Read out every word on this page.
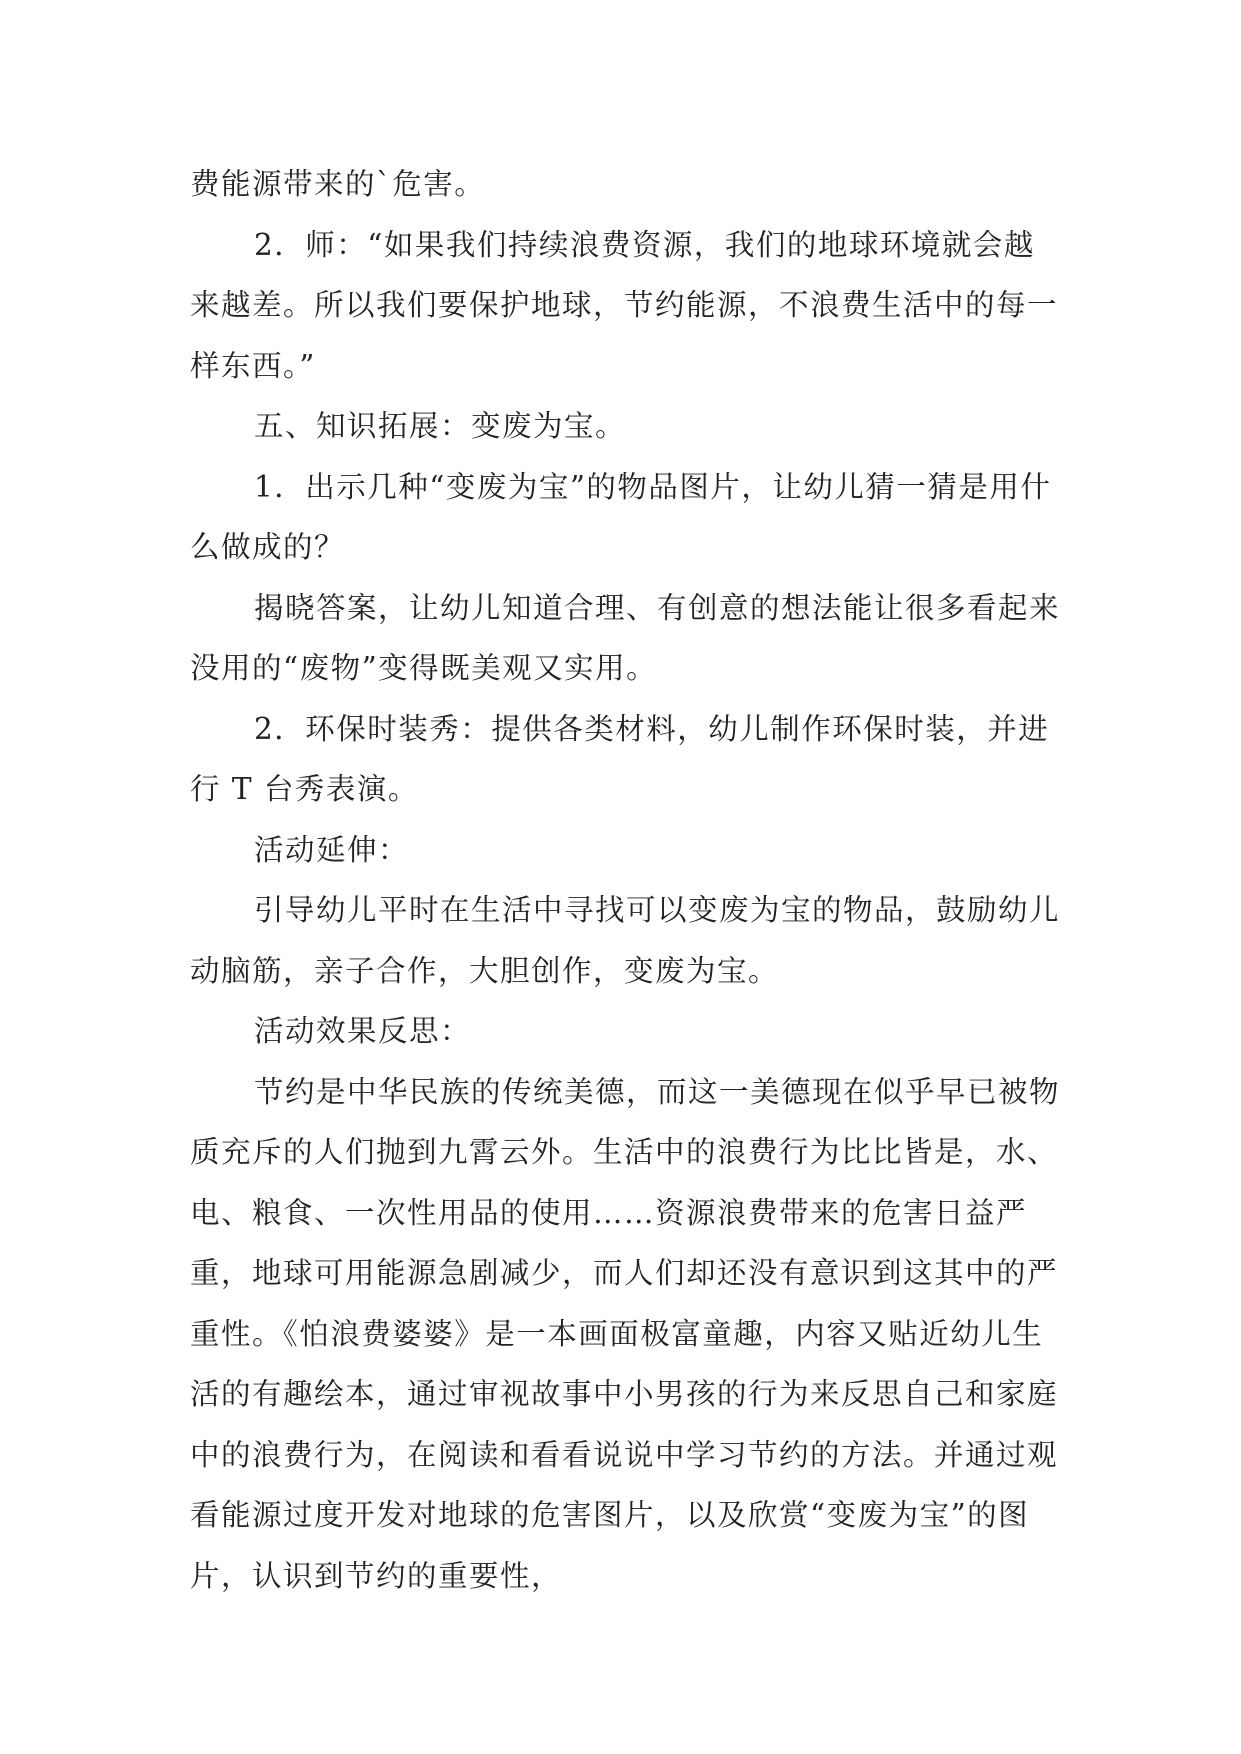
费能源带来的`危害。

2．师：“如果我们持续浪费资源，我们的地球环境就会越来越差。所以我们要保护地球，节约能源，不浪费生活中的每一样东西。”

五、知识拓展：变废为宝。

1．出示几种“变废为宝”的物品图片，让幼儿猜一猜是用什么做成的？

揭晓答案，让幼儿知道合理、有创意的想法能让很多看起来没用的“废物”变得既美观又实用。

2．环保时装秀：提供各类材料，幼儿制作环保时装，并进行 T 台秀表演。

活动延伸：

引导幼儿平时在生活中寻找可以变废为宝的物品，鼓励幼儿动脑筋，亲子合作，大胆创作，变废为宝。

活动效果反思：

节约是中华民族的传统美德，而这一美德现在似乎早已被物质充斥的人们抛到九霄云外。生活中的浪费行为比比皆是，水、电、粮食、一次性用品的使用……资源浪费带来的危害日益严重，地球可用能源急剧减少，而人们却还没有意识到这其中的严重性。《怕浪费婆婆》是一本画面极富童趣，内容又贴近幼儿生活的有趣绘本，通过审视故事中小男孩的行为来反思自己和家庭中的浪费行为，在阅读和看看说说中学习节约的方法。并通过观看能源过度开发对地球的危害图片，以及欣赏“变废为宝”的图片，认识到节约的重要性，
